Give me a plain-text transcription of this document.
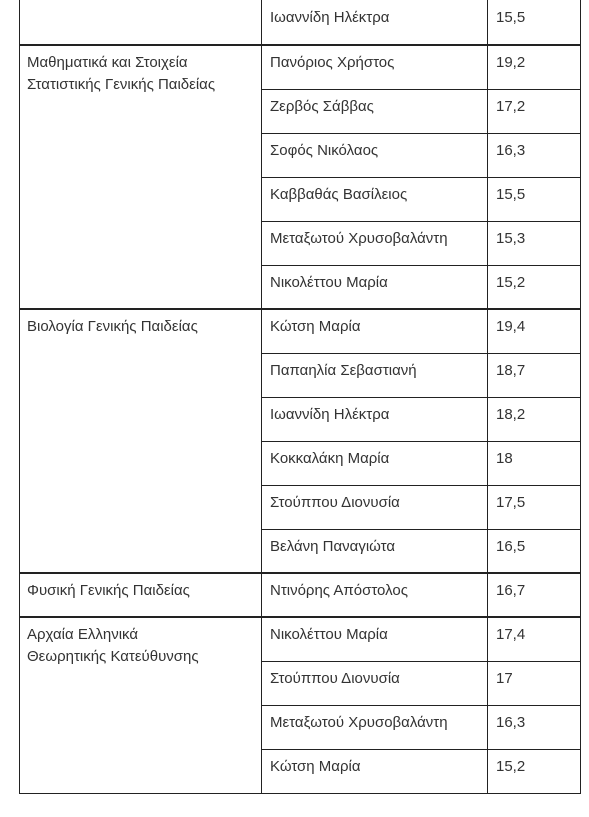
	Ιωαννίδη Ηλέκτρα	15,5

Μαθηματικά και Στοιχεία
Στατιστικής Γενικής Παιδείας	Πανόριος Χρήστος	19,2
	Ζερβός Σάββας	17,2
	Σοφός Νικόλαος	16,3
	Καββαθάς Βασίλειος	15,5
	Μεταξωτού Χρυσοβαλάντη	15,3
	Νικολέττου Μαρία	15,2

Βιολογία Γενικής Παιδείας	Κώτση Μαρία	19,4
	Παπαηλία Σεβαστιανή	18,7
	Ιωαννίδη Ηλέκτρα	18,2
	Κοκκαλάκη Μαρία	18
	Στούππου Διονυσία	17,5
	Βελάνη Παναγιώτα	16,5

Φυσική Γενικής Παιδείας	Ντινόρης Απόστολος	16,7

Αρχαία Ελληνικά
Θεωρητικής Κατεύθυνσης	Νικολέττου Μαρία	17,4
	Στούππου Διονυσία	17
	Μεταξωτού Χρυσοβαλάντη	16,3
	Κώτση Μαρία	15,2
